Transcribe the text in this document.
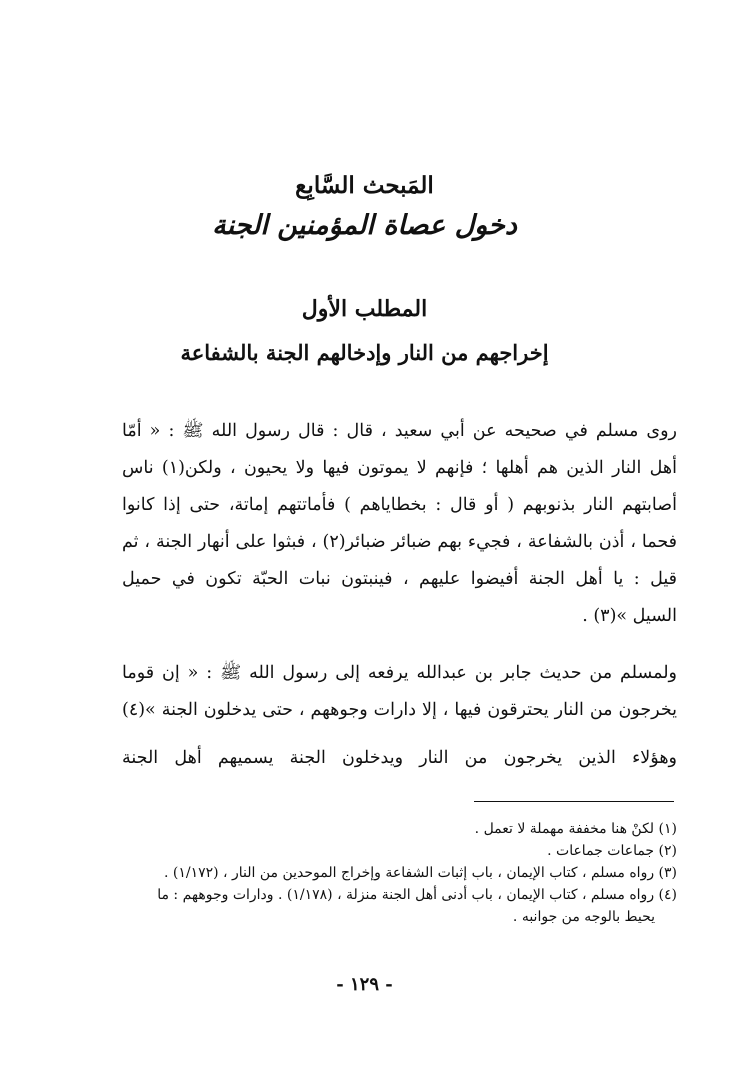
المَبحث السَّابِع
دخول عصاة المؤمنين الجنة
المطلب الأول
إخراجهم من النار وإدخالهم الجنة بالشفاعة
روى مسلم في صحيحه عن أبي سعيد ، قال : قال رسول الله ﷺ : « أمّا
أهل النار الذين هم أهلها ؛ فإنهم لا يموتون فيها ولا يحيون ، ولكن(١) ناس
أصابتهم النار بذنوبهم ( أو قال : بخطاياهم ) فأماتتهم إماتة، حتى إذا كانوا
فحما ، أذن بالشفاعة ، فجيء بهم ضبائر ضبائر(٢) ، فبثوا على أنهار الجنة ، ثم
قيل : يا أهل الجنة أفيضوا عليهم ، فينبتون نبات الحبّة تكون في حميل
السيل »(٣) .
ولمسلم من حديث جابر بن عبدالله يرفعه إلى رسول الله ﷺ : « إن قوما
يخرجون من النار يحترقون فيها ، إلا دارات وجوههم ، حتى يدخلون الجنة »(٤)
وهؤلاء الذين يخرجون من النار ويدخلون الجنة يسميهم أهل الجنة
(١) لكنْ هنا مخففة مهملة لا تعمل .
(٢) جماعات جماعات .
(٣) رواه مسلم ، كتاب الإيمان ، باب إثبات الشفاعة وإخراج الموحدين من النار ، (١/١٧٢) .
(٤) رواه مسلم ، كتاب الإيمان ، باب أدنى أهل الجنة منزلة ، (١/١٧٨) . ودارات وجوههم : ما
يحيط بالوجه من جوانبه .
- ١٢٩ -
